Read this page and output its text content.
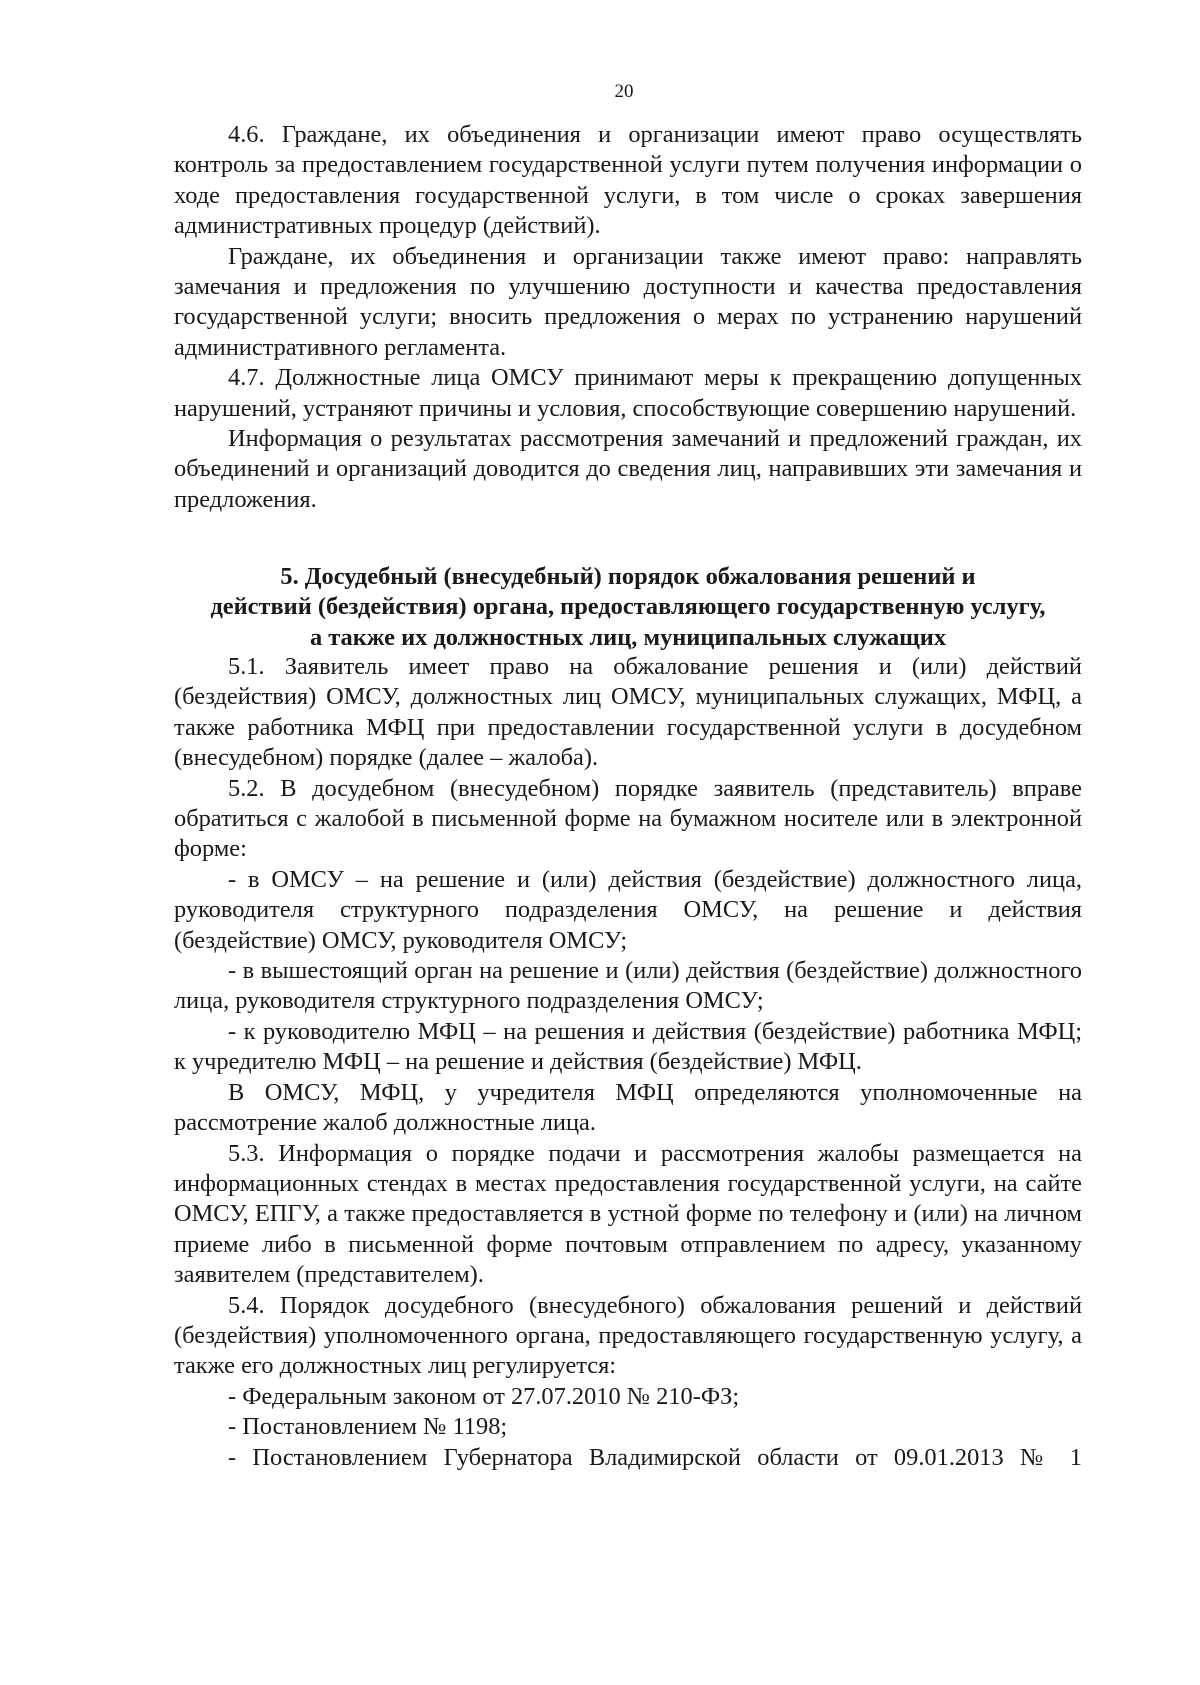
20

4.6. Граждане, их объединения и организации имеют право осуществлять контроль за предоставлением государственной услуги путем получения информации о ходе предоставления государственной услуги, в том числе о сроках завершения административных процедур (действий).

Граждане, их объединения и организации также имеют право: направлять замечания и предложения по улучшению доступности и качества предоставления государственной услуги; вносить предложения о мерах по устранению нарушений административного регламента.

4.7. Должностные лица ОМСУ принимают меры к прекращению допущенных нарушений, устраняют причины и условия, способствующие совершению нарушений.

Информация о результатах рассмотрения замечаний и предложений граждан, их объединений и организаций доводится до сведения лиц, направивших эти замечания и предложения.

5. Досудебный (внесудебный) порядок обжалования решений и
действий (бездействия) органа, предоставляющего государственную услугу,
а также их должностных лиц, муниципальных служащих

5.1. Заявитель имеет право на обжалование решения и (или) действий (бездействия) ОМСУ, должностных лиц ОМСУ, муниципальных служащих, МФЦ, а также работника МФЦ при предоставлении государственной услуги в досудебном (внесудебном) порядке (далее – жалоба).

5.2. В досудебном (внесудебном) порядке заявитель (представитель) вправе обратиться с жалобой в письменной форме на бумажном носителе или в электронной форме:

- в ОМСУ – на решение и (или) действия (бездействие) должностного лица, руководителя структурного подразделения ОМСУ, на решение и действия (бездействие) ОМСУ, руководителя ОМСУ;

- в вышестоящий орган на решение и (или) действия (бездействие) должностного лица, руководителя структурного подразделения ОМСУ;

- к руководителю МФЦ – на решения и действия (бездействие) работника МФЦ; к учредителю МФЦ – на решение и действия (бездействие) МФЦ.

В ОМСУ, МФЦ, у учредителя МФЦ определяются уполномоченные на рассмотрение жалоб должностные лица.

5.3. Информация о порядке подачи и рассмотрения жалобы размещается на информационных стендах в местах предоставления государственной услуги, на сайте ОМСУ, ЕПГУ, а также предоставляется в устной форме по телефону и (или) на личном приеме либо в письменной форме почтовым отправлением по адресу, указанному заявителем (представителем).

5.4. Порядок досудебного (внесудебного) обжалования решений и действий (бездействия) уполномоченного органа, предоставляющего государственную услугу, а также его должностных лиц регулируется:

- Федеральным законом от 27.07.2010 № 210-ФЗ;

- Постановлением № 1198;

- Постановлением Губернатора Владимирской области от 09.01.2013 № 1
